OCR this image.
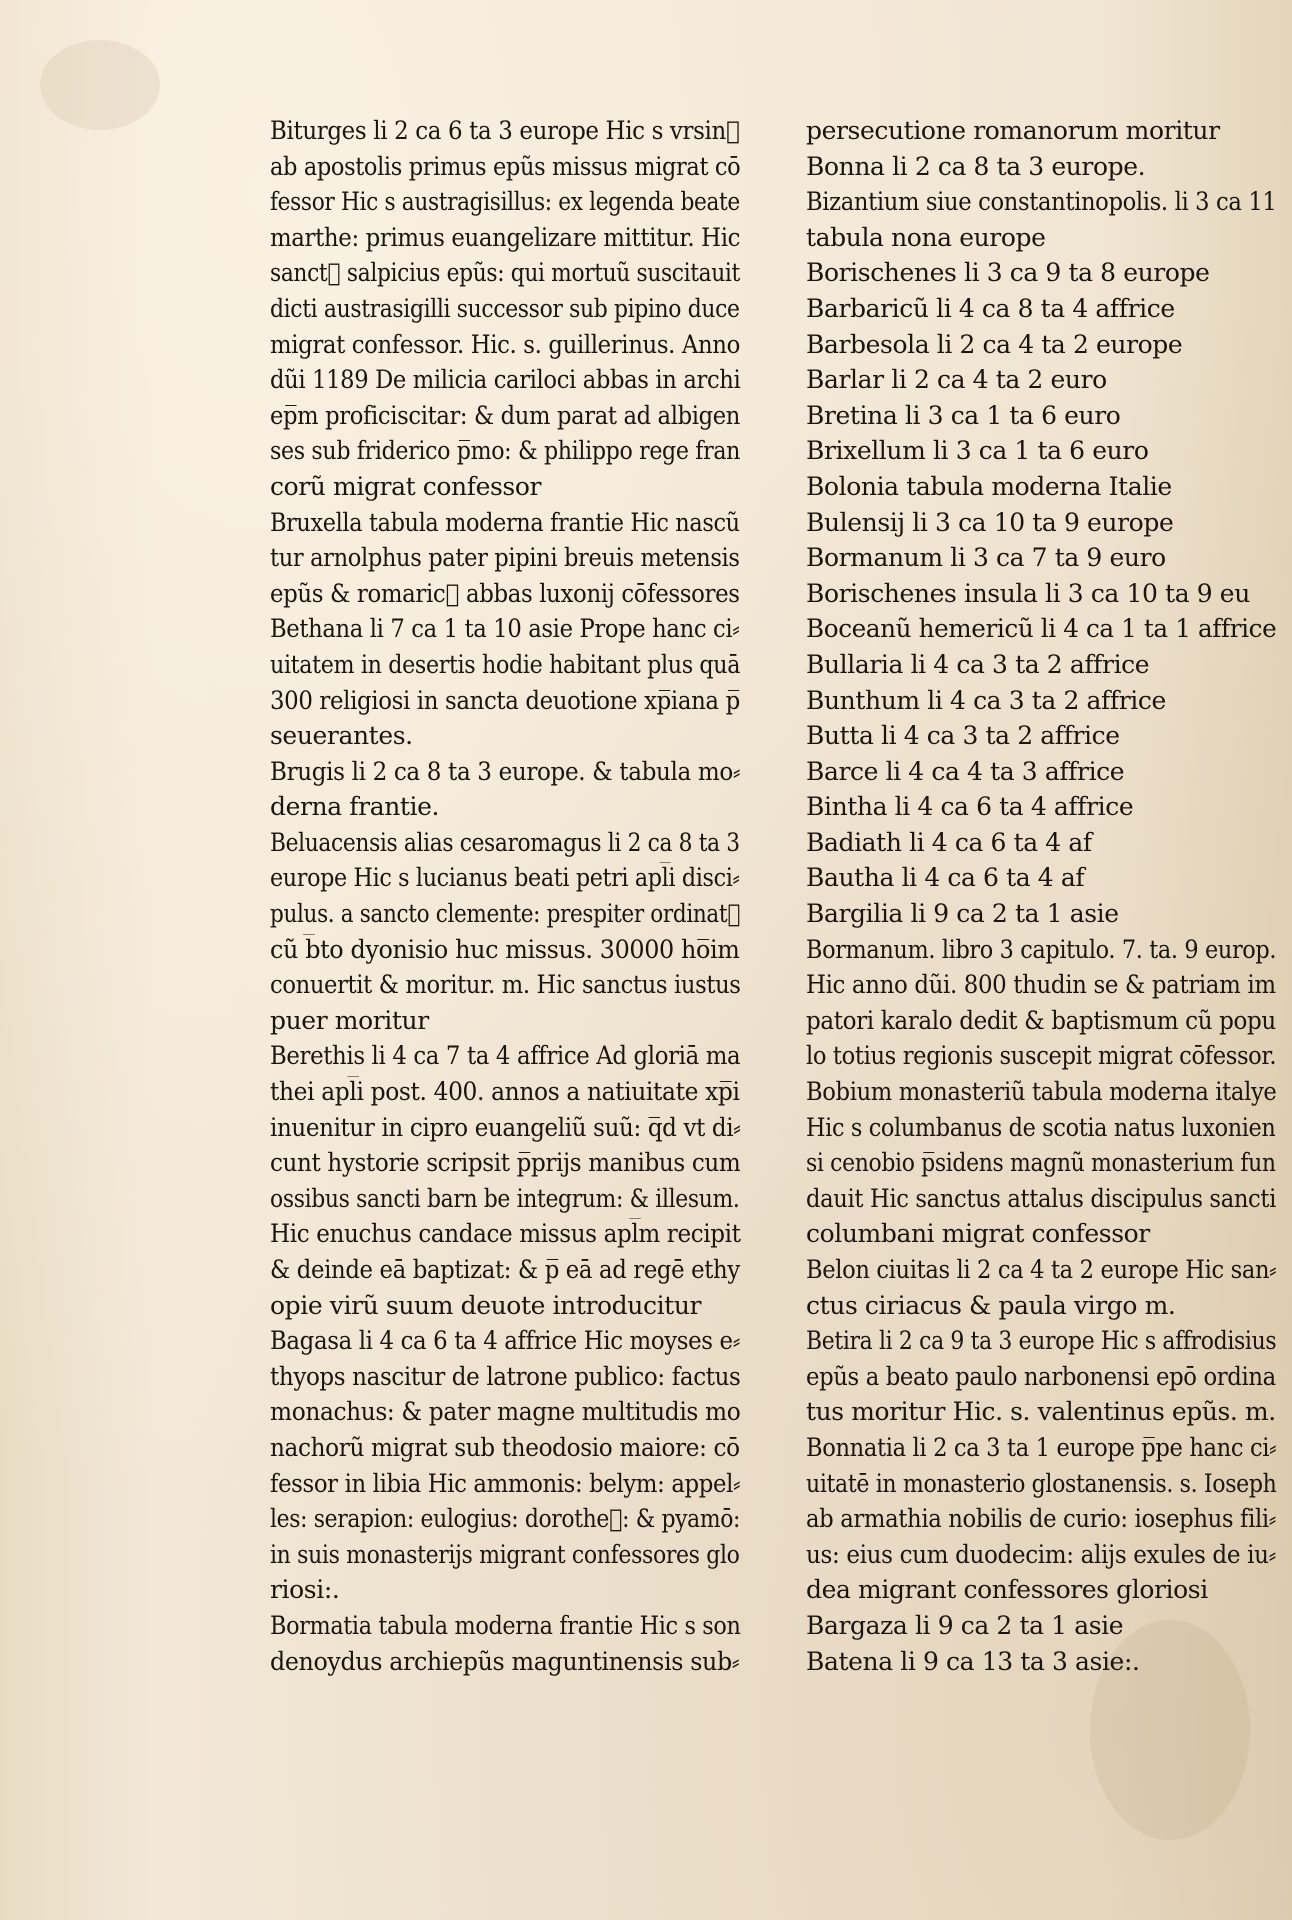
Biturges li 2 ca 6 ta 3 europe Hic s vrsin᷒
ab apostolis primus epũs missus migrat cō
fessor Hic s austragisillus: ex legenda beate
marthe: primus euangelizare mittitur. Hic
sanct᷒ salpicius epũs: qui mortuũ suscitauit
dicti austrasigilli successor sub pipino duce
migrat confessor. Hic. s. guillerinus. Anno
dũi 1189 De milicia cariloci abbas in archi
ep̅m proficiscitar: & dum parat ad albigen
ses sub friderico p̅mo: & philippo rege fran
corũ migrat confessor
Bruxella tabula moderna frantie Hic nascũ
tur arnolphus pater pipini breuis metensis
epũs & romaric᷒ abbas luxonij cōfessores
Bethana li 7 ca 1 ta 10 asie Prope hanc ci⸗
uitatem in desertis hodie habitant plus quā
300 religiosi in sancta deuotione xp̅iana p̅
seuerantes.
Brugis li 2 ca 8 ta 3 europe. & tabula mo⸗
derna frantie.
Beluacensis alias cesaromagus li 2 ca 8 ta 3
europe Hic s lucianus beati petri apl̅i disci⸗
pulus. a sancto clemente: prespiter ordinat᷒
cũ b̅to dyonisio huc missus. 30000 ho̅im
conuertit & moritur. m. Hic sanctus iustus
puer moritur
Berethis li 4 ca 7 ta 4 affrice Ad gloriā ma
thei apl̅i post. 400. annos a natiuitate xp̅i
inuenitur in cipro euangeliũ suũ: q̅d vt di⸗
cunt hystorie scripsit p̅prijs manibus cum
ossibus sancti barn be integrum: & illesum.
Hic enuchus candace missus apl̅m recipit
& deinde eā baptizat: & p̅ eā ad regē ethy
opie virũ suum deuote introducitur
Bagasa li 4 ca 6 ta 4 affrice Hic moyses e⸗
thyops nascitur de latrone publico: factus
monachus: & pater magne multitudis mo
nachorũ migrat sub theodosio maiore: cō
fessor in libia Hic ammonis: belym: appel⸗
les: serapion: eulogius: dorothe᷒: & pyamō:
in suis monasterijs migrant confessores glo
riosi:.
Bormatia tabula moderna frantie Hic s son
denoydus archiepũs maguntinensis sub⸗
persecutione romanorum moritur
Bonna li 2 ca 8 ta 3 europe.
Bizantium siue constantinopolis. li 3 ca 11
tabula nona europe
Borischenes li 3 ca 9 ta 8 europe
Barbaricũ li 4 ca 8 ta 4 affrice
Barbesola li 2 ca 4 ta 2 europe
Barlar li 2 ca 4 ta 2 euro
Bretina li 3 ca 1 ta 6 euro
Brixellum li 3 ca 1 ta 6 euro
Bolonia tabula moderna Italie
Bulensij li 3 ca 10 ta 9 europe
Bormanum li 3 ca 7 ta 9 euro
Borischenes insula li 3 ca 10 ta 9 eu
Boceanũ hemericũ li 4 ca 1 ta 1 affrice
Bullaria li 4 ca 3 ta 2 affrice
Bunthum li 4 ca 3 ta 2 affrice
Butta li 4 ca 3 ta 2 affrice
Barce li 4 ca 4 ta 3 affrice
Bintha li 4 ca 6 ta 4 affrice
Badiath li 4 ca 6 ta 4 af
Bautha li 4 ca 6 ta 4 af
Bargilia li 9 ca 2 ta 1 asie
Bormanum. libro 3 capitulo. 7. ta. 9 europ.
Hic anno dũi. 800 thudin se & patriam im
patori karalo dedit & baptismum cũ popu
lo totius regionis suscepit migrat cōfessor.
Bobium monasteriũ tabula moderna italye
Hic s columbanus de scotia natus luxonien
si cenobio p̅sidens magnũ monasterium fun
dauit Hic sanctus attalus discipulus sancti
columbani migrat confessor
Belon ciuitas li 2 ca 4 ta 2 europe Hic san⸗
ctus ciriacus & paula virgo m.
Betira li 2 ca 9 ta 3 europe Hic s affrodisius
epũs a beato paulo narbonensi epō ordina
tus moritur Hic. s. valentinus epũs. m.
Bonnatia li 2 ca 3 ta 1 europe p̅pe hanc ci⸗
uitatē in monasterio glostanensis. s. Ioseph
ab armathia nobilis de curio: iosephus fili⸗
us: eius cum duodecim: alijs exules de iu⸗
dea migrant confessores gloriosi
Bargaza li 9 ca 2 ta 1 asie
Batena li 9 ca 13 ta 3 asie:.
